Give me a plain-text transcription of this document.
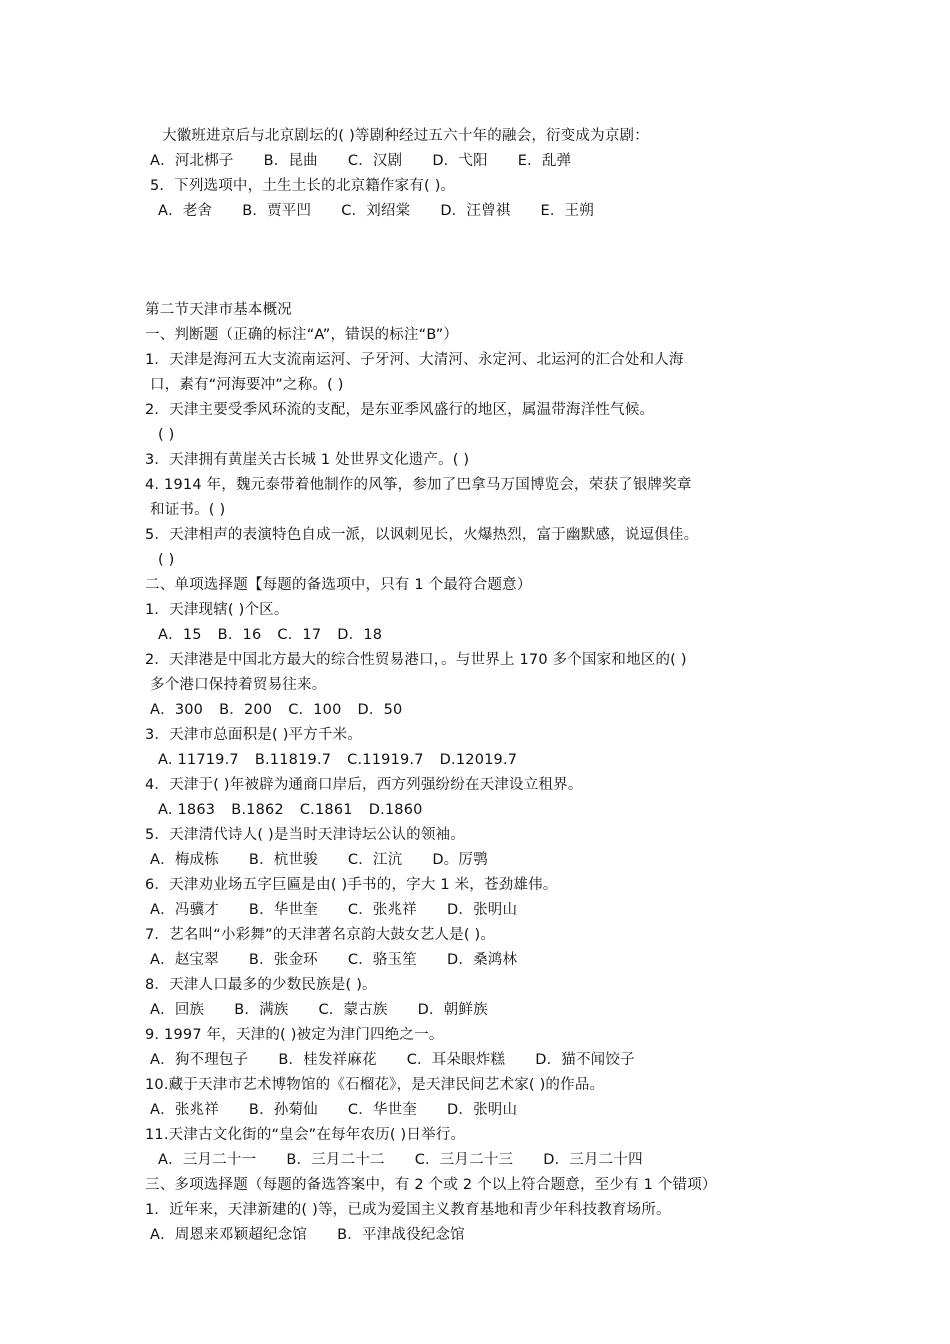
大徽班进京后与北京剧坛的( )等剧种经过五六十年的融会，衍变成为京剧：
A．河北梆子 B．昆曲 C．汉剧 D．弋阳 E．乱弹
5．下列选项中，土生土长的北京籍作家有( )。
A．老舍 B．贾平凹 C．刘绍棠 D．汪曾祺 E．王朔
第二节天津市基本概况
一、判断题（正确的标注“A”，错误的标注“B”）
1．天津是海河五大支流南运河、子牙河、大清河、永定河、北运河的汇合处和人海
口，素有“河海要冲”之称。( )
2．天津主要受季风环流的支配，是东亚季风盛行的地区，属温带海洋性气候。
( )
3．天津拥有黄崖关古长城 1 处世界文化遗产。( )
4. 1914 年，魏元泰带着他制作的风筝，参加了巴拿马万国博览会，荣获了银牌奖章
和证书。( )
5．天津相声的表演特色自成一派，以讽刺见长，火爆热烈，富于幽默感，说逗俱佳。
( )
二、单项选择题【每题的备选项中，只有 1 个最符合题意）
1．天津现辖( )个区。
A．15 B．16 C．17 D．18
2．天津港是中国北方最大的综合性贸易港口，。与世界上 170 多个国家和地区的( )
多个港口保持着贸易往来。
A．300 B．200 C．100 D．50
3．天津市总面积是( )平方千米。
A. 11719.7 B.11819.7 C.11919.7 D.12019.7
4．天津于( )年被辟为通商口岸后，西方列强纷纷在天津设立租界。
A. 1863 B.1862 C.1861 D.1860
5．天津清代诗人( )是当时天津诗坛公认的领袖。
A．梅成栋 B．杭世骏 C．江沆 D。厉鹗
6．天津劝业场五字巨匾是由( )手书的，字大 1 米，苍劲雄伟。
A．冯骥才 B．华世奎 C．张兆祥 D．张明山
7．艺名叫“小彩舞”的天津著名京韵大鼓女艺人是( )。
A．赵宝翠 B．张金环 C．骆玉笙 D．桑鸿林
8．天津人口最多的少数民族是( )。
A．回族 B．满族 C．蒙古族 D．朝鲜族
9. 1997 年，天津的( )被定为津门四绝之一。
A．狗不理包子 B．桂发祥麻花 C．耳朵眼炸糕 D．猫不闻饺子
10.藏于天津市艺术博物馆的《石榴花》，是天津民间艺术家( )的作品。
A．张兆祥 B．孙菊仙 C．华世奎 D．张明山
11.天津古文化街的“皇会”在每年农历( )日举行。
A．三月二十一 B．三月二十二 C．三月二十三 D．三月二十四
三、多项选择题（每题的备选答案中，有 2 个或 2 个以上符合题意，至少有 1 个错项）
1．近年来，天津新建的( )等，已成为爱国主义教育基地和青少年科技教育场所。
A．周恩来邓颖超纪念馆 B．平津战役纪念馆
